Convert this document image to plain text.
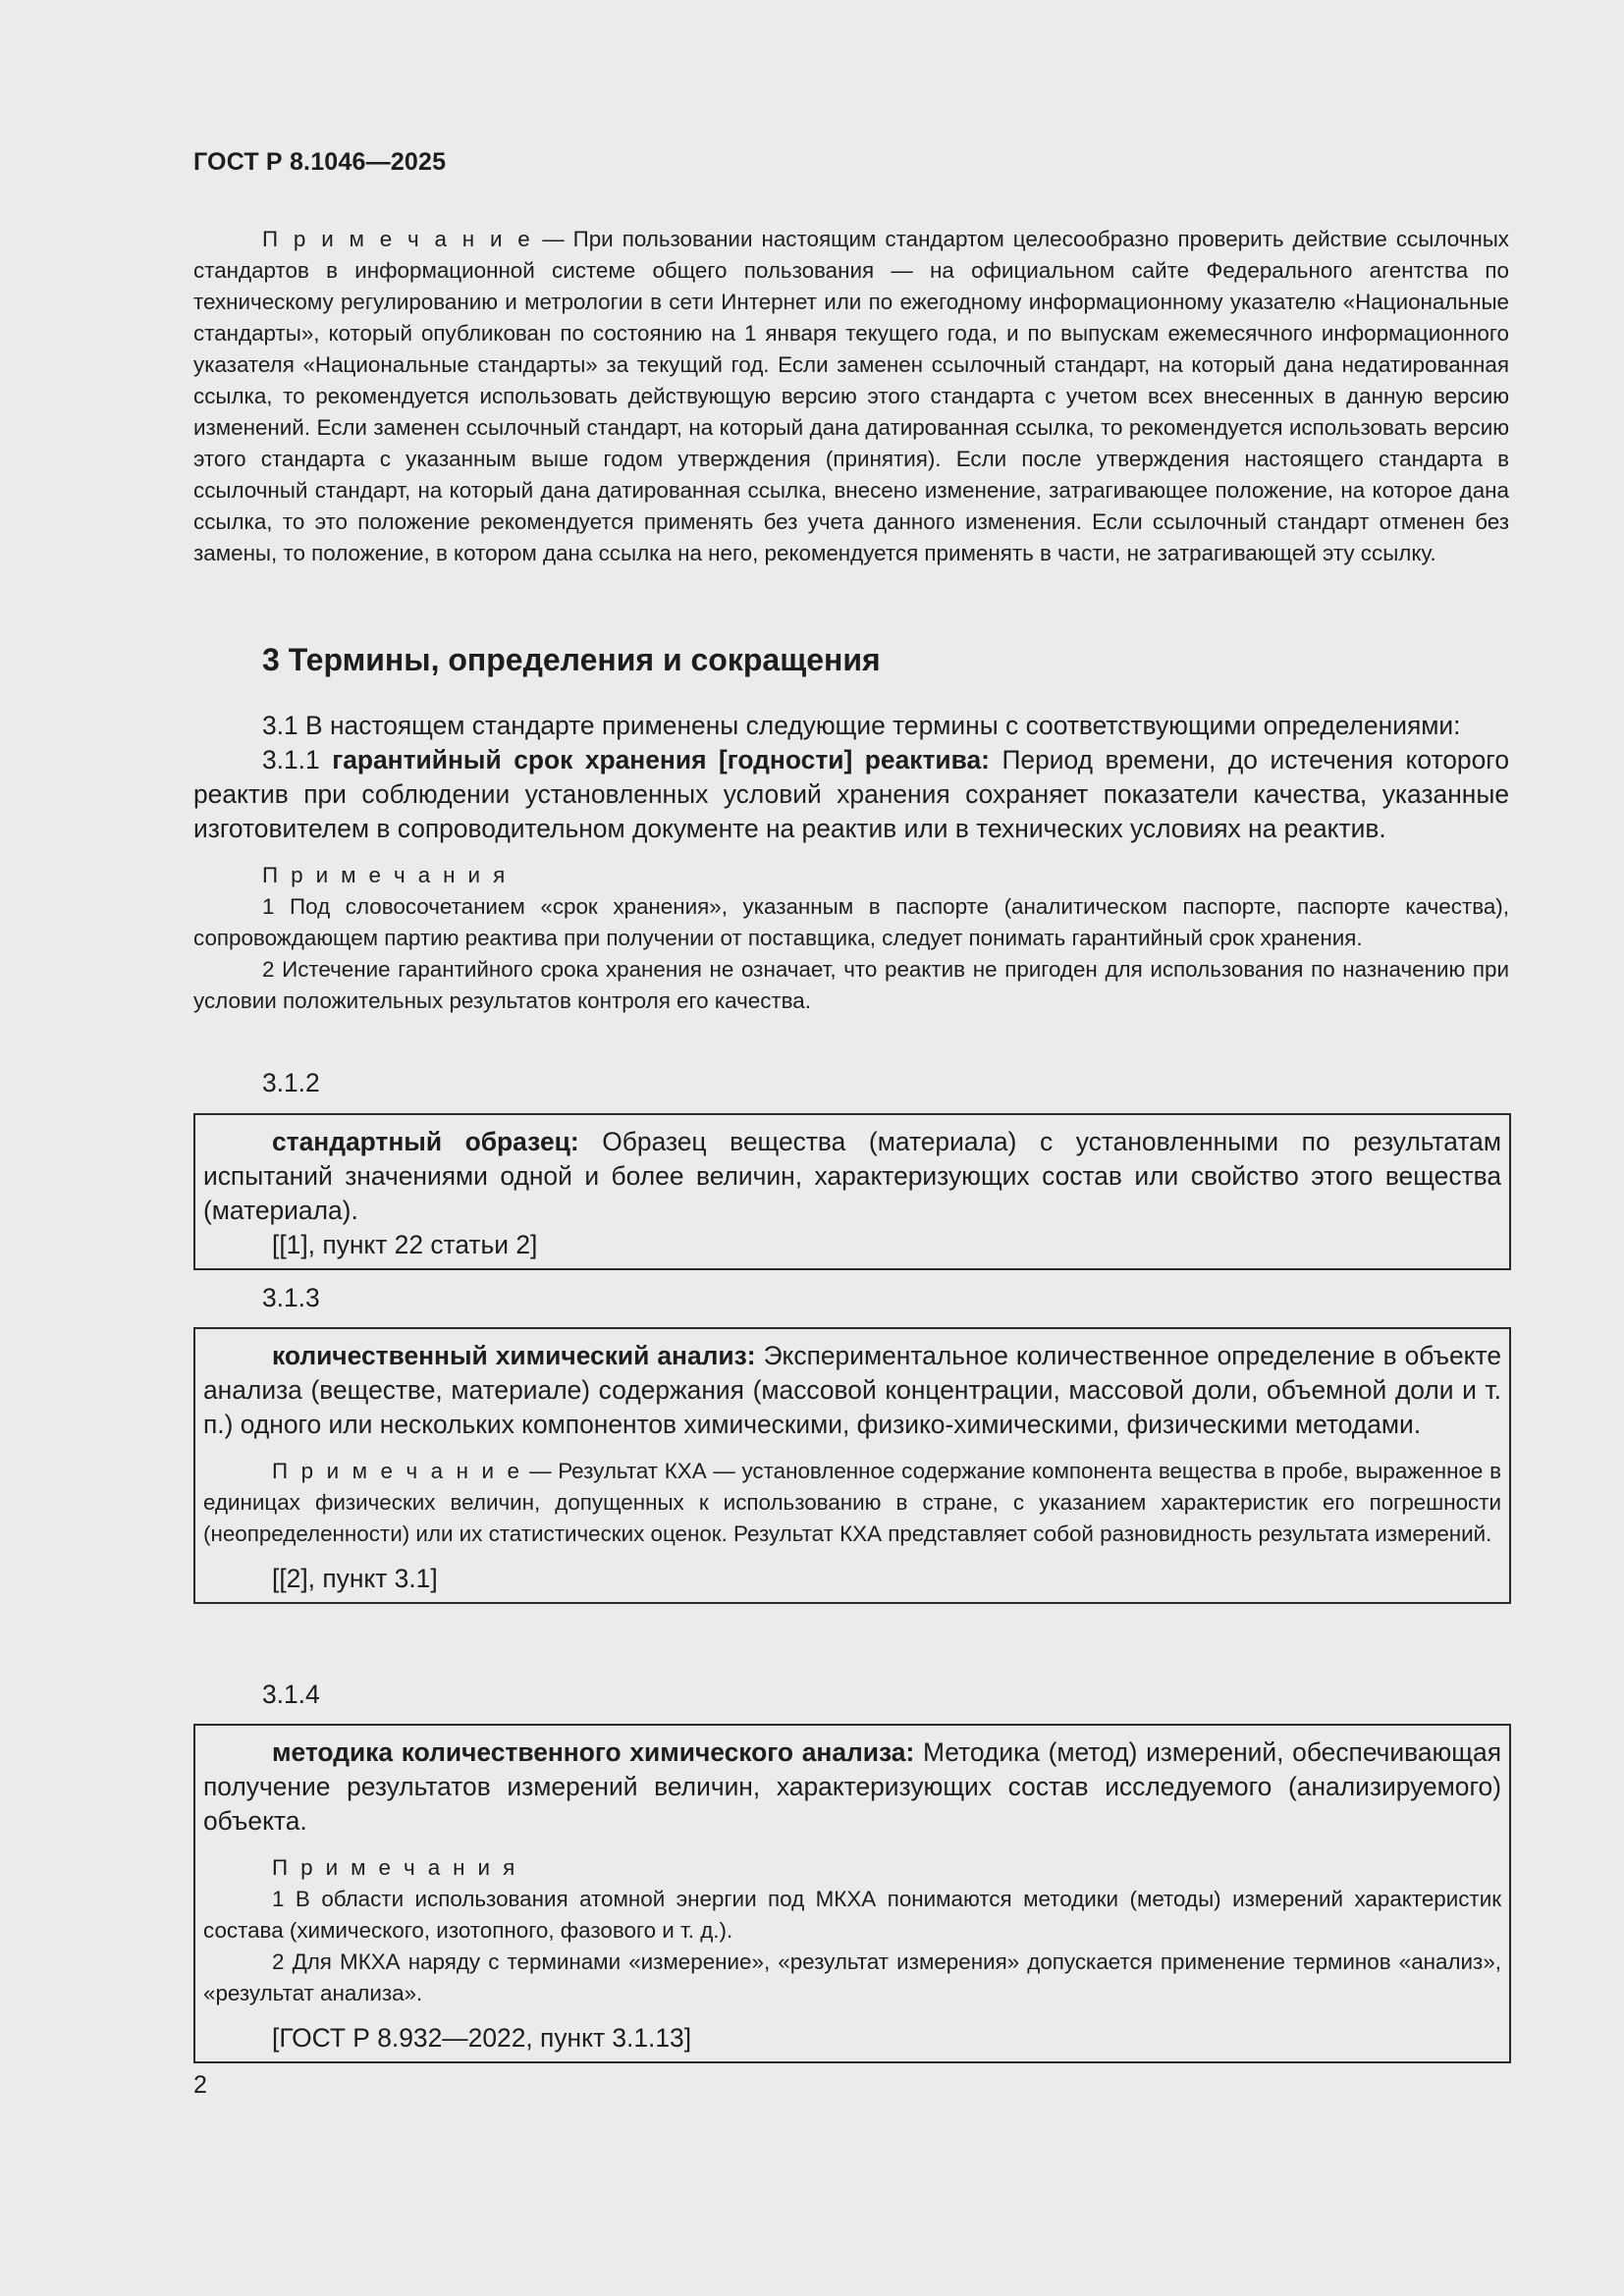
ГОСТ Р 8.1046—2025

П р и м е ч а н и е — При пользовании настоящим стандартом целесообразно проверить действие ссылочных стандартов в информационной системе общего пользования — на официальном сайте Федерального агентства по техническому регулированию и метрологии в сети Интернет или по ежегодному информационному указателю «Национальные стандарты», который опубликован по состоянию на 1 января текущего года, и по выпускам ежемесячного информационного указателя «Национальные стандарты» за текущий год. Если заменен ссылочный стандарт, на который дана недатированная ссылка, то рекомендуется использовать действующую версию этого стандарта с учетом всех внесенных в данную версию изменений. Если заменен ссылочный стандарт, на который дана датированная ссылка, то рекомендуется использовать версию этого стандарта с указанным выше годом утверждения (принятия). Если после утверждения настоящего стандарта в ссылочный стандарт, на который дана датированная ссылка, внесено изменение, затрагивающее положение, на которое дана ссылка, то это положение рекомендуется применять без учета данного изменения. Если ссылочный стандарт отменен без замены, то положение, в котором дана ссылка на него, рекомендуется применять в части, не затрагивающей эту ссылку.

3 Термины, определения и сокращения

3.1 В настоящем стандарте применены следующие термины с соответствующими определениями:

3.1.1 гарантийный срок хранения [годности] реактива: Период времени, до истечения которого реактив при соблюдении установленных условий хранения сохраняет показатели качества, указанные изготовителем в сопроводительном документе на реактив или в технических условиях на реактив.

П р и м е ч а н и я

1 Под словосочетанием «срок хранения», указанным в паспорте (аналитическом паспорте, паспорте качества), сопровождающем партию реактива при получении от поставщика, следует понимать гарантийный срок хранения.

2 Истечение гарантийного срока хранения не означает, что реактив не пригоден для использования по назначению при условии положительных результатов контроля его качества.

3.1.2

стандартный образец: Образец вещества (материала) с установленными по результатам испытаний значениями одной и более величин, характеризующих состав или свойство этого вещества (материала).

[[1], пункт 22 статьи 2]

3.1.3

количественный химический анализ: Экспериментальное количественное определение в объекте анализа (веществе, материале) содержания (массовой концентрации, массовой доли, объемной доли и т. п.) одного или нескольких компонентов химическими, физико-химическими, физическими методами.

П р и м е ч а н и е — Результат КХА — установленное содержание компонента вещества в пробе, выраженное в единицах физических величин, допущенных к использованию в стране, с указанием характеристик его погрешности (неопределенности) или их статистических оценок. Результат КХА представляет собой разновидность результата измерений.

[[2], пункт 3.1]

3.1.4

методика количественного химического анализа: Методика (метод) измерений, обеспечивающая получение результатов измерений величин, характеризующих состав исследуемого (анализируемого) объекта.

П р и м е ч а н и я

1 В области использования атомной энергии под МКХА понимаются методики (методы) измерений характеристик состава (химического, изотопного, фазового и т. д.).

2 Для МКХА наряду с терминами «измерение», «результат измерения» допускается применение терминов «анализ», «результат анализа».

[ГОСТ Р 8.932—2022, пункт 3.1.13]

2
